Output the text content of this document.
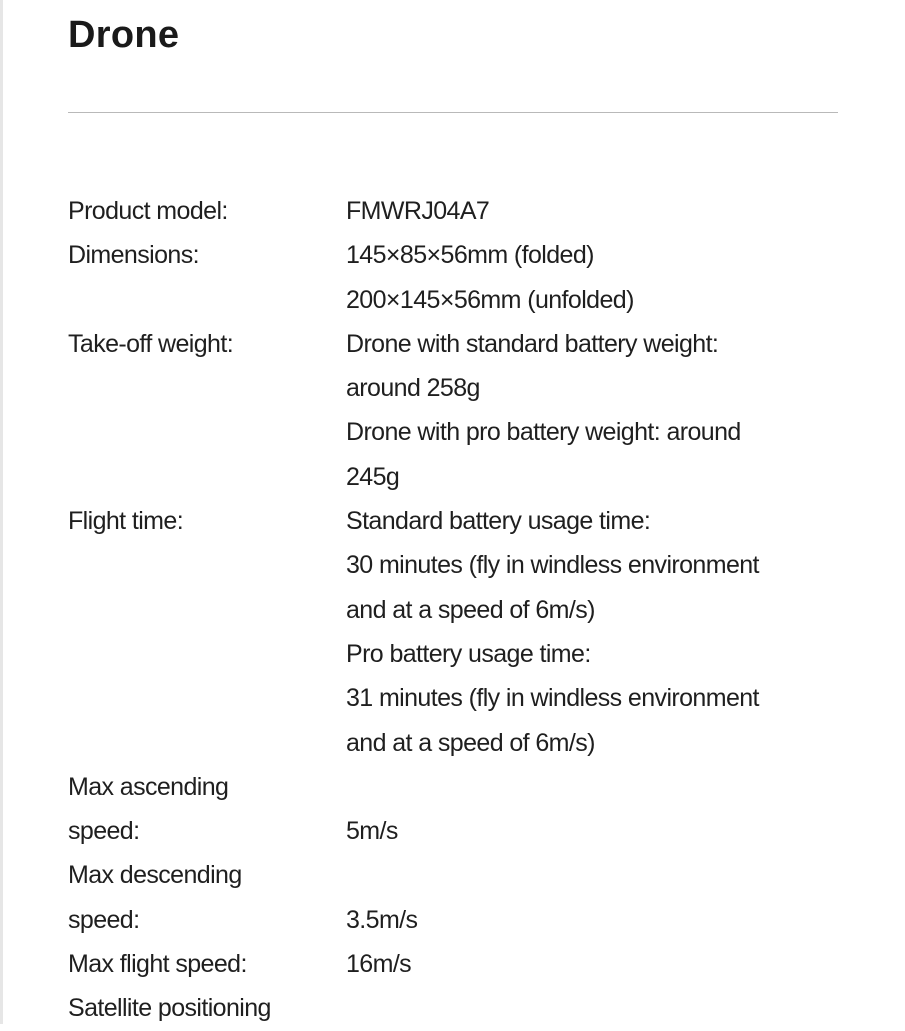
Drone
Product model:	FMWRJ04A7
Dimensions:	145×85×56mm (folded)
200×145×56mm (unfolded)
Take-off weight:	Drone with standard battery weight:
around 258g
Drone with pro battery weight: around
245g
Flight time:	Standard battery usage time:
30 minutes (fly in windless environment
and at a speed of 6m/s)
Pro battery usage time:
31 minutes (fly in windless environment
and at a speed of 6m/s)
Max ascending
speed:
	5m/s
Max descending
speed:
	3.5m/s
Max flight speed:	16m/s
Satellite positioning
